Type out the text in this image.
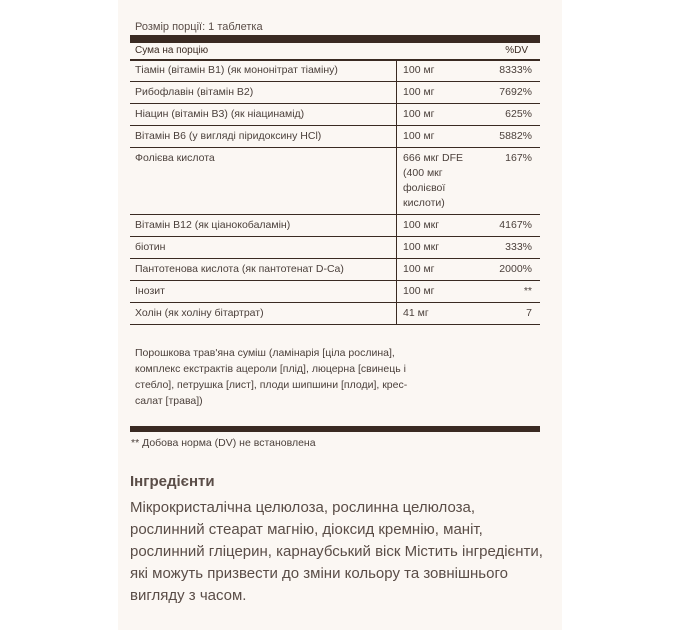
Розмір порції: 1 таблетка
Сума на порцію	%DV
Тіамін (вітамін B1) (як мононітрат тіаміну)	100 мг	8333%
Рибофлавін (вітамін B2)	100 мг	7692%
Ніацин (вітамін B3) (як ніацинамід)	100 мг	625%
Вітамін B6 (у вигляді піридоксину HCl)	100 мг	5882%
Фолієва кислота	666 мкг DFE (400 мкг фолієвої кислоти)	167%
Вітамін B12 (як ціанокобаламін)	100 мкг	4167%
біотин	100 мкг	333%
Пантотенова кислота (як пантотенат D-Ca)	100 мг	2000%
Інозит	100 мг	**
Холін (як холіну бітартрат)	41 мг	7
Порошкова трав'яна суміш (ламінарія [ціла рослина], комплекс екстрактів ацероли [плід], люцерна [свинець і стебло], петрушка [лист], плоди шипшини [плоди], крес-салат [трава])
** Добова норма (DV) не встановлена
Інгредієнти
Мікрокристалічна целюлоза, рослинна целюлоза, рослинний стеарат магнію, діоксид кремнію, маніт, рослинний гліцерин, карнаубський віск Містить інгредієнти, які можуть призвести до зміни кольору та зовнішнього вигляду з часом.
